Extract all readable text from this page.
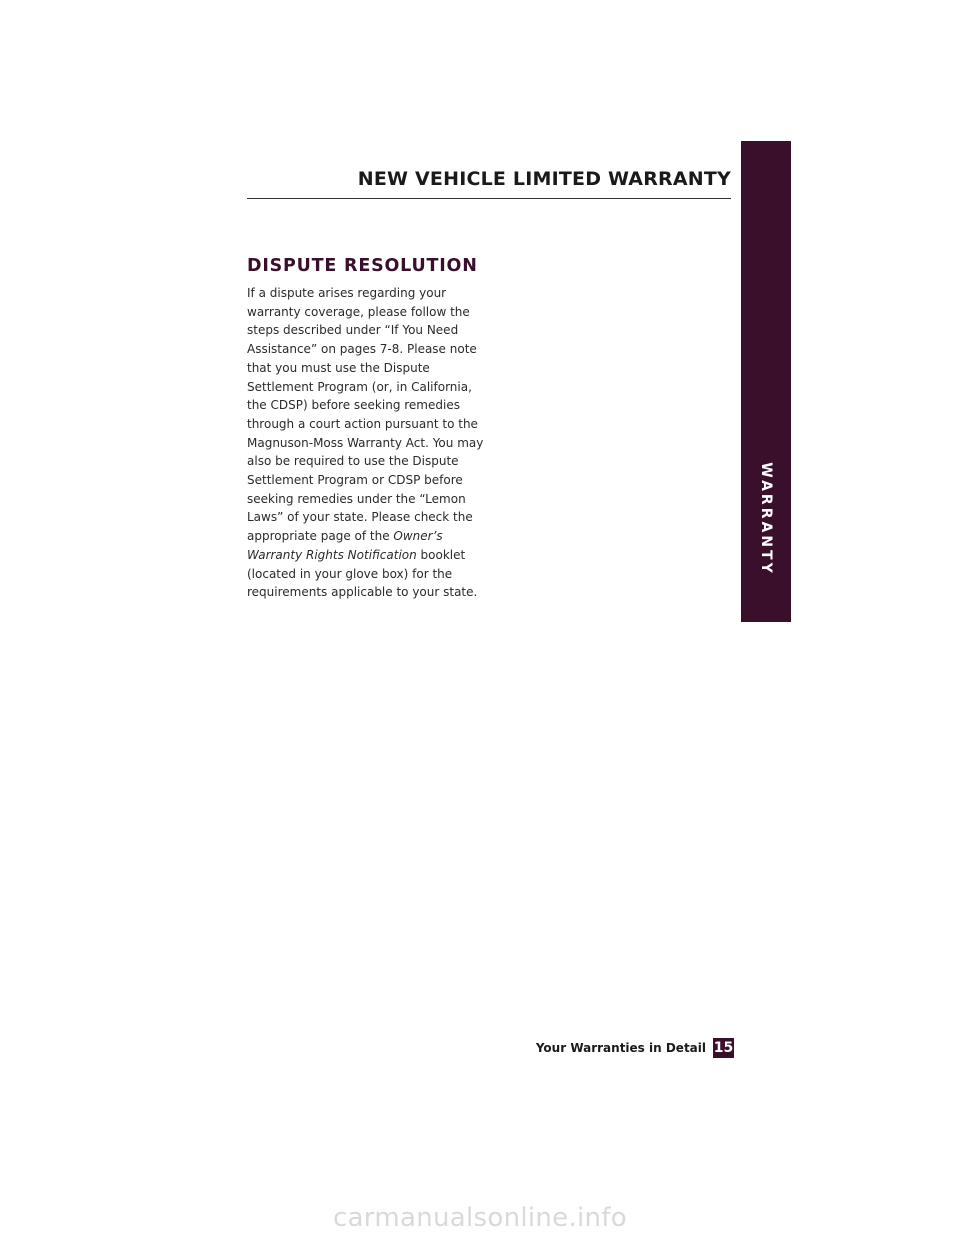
NEW VEHICLE LIMITED WARRANTY
WARRANTY
DISPUTE RESOLUTION
If a dispute arises regarding your
warranty coverage, please follow the
steps described under “If You Need
Assistance” on pages 7-8. Please note
that you must use the Dispute
Settlement Program (or, in California,
the CDSP) before seeking remedies
through a court action pursuant to the
Magnuson-Moss Warranty Act. You may
also be required to use the Dispute
Settlement Program or CDSP before
seeking remedies under the “Lemon
Laws” of your state. Please check the
appropriate page of the Owner’s
Warranty Rights Notification booklet
(located in your glove box) for the
requirements applicable to your state.
Your Warranties in Detail 15
carmanualsonline.info
